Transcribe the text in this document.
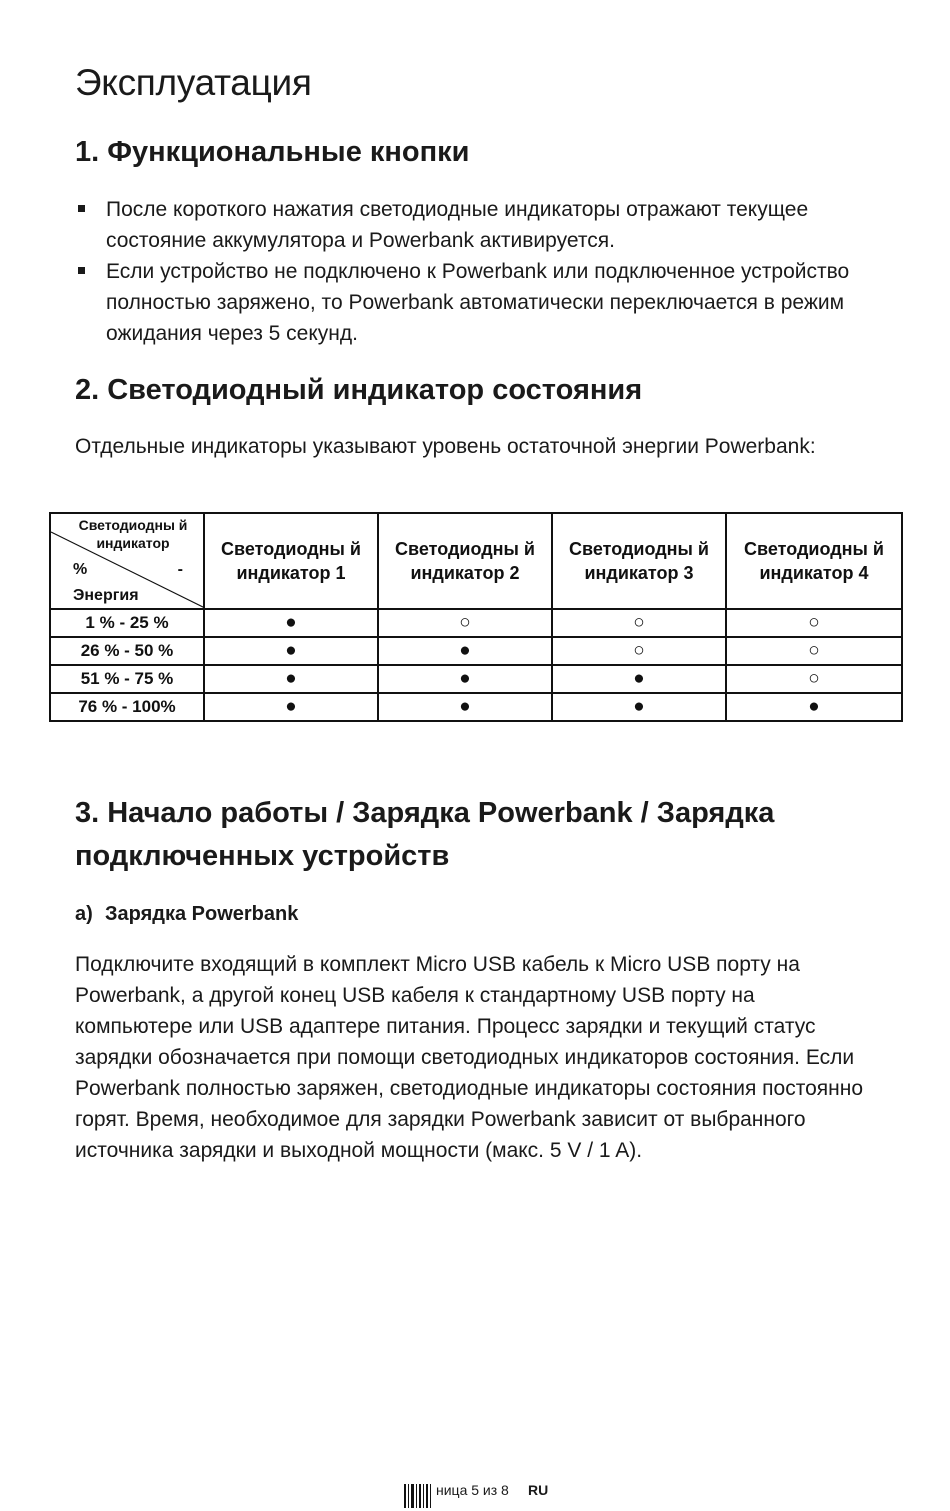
Эксплуатация
1. Функциональные кнопки
После короткого нажатия светодиодные индикаторы отражают текущее состояние аккумулятора и Powerbank активируется.
Если устройство не подключено к Powerbank или подключенное устройство полностью заряжено, то Powerbank автоматически переключается в режим ожидания через 5 секунд.
2. Светодиодный индикатор состояния

Отдельные индикаторы указывают уровень остаточной энергии Powerbank:

Светодиодны й индикатор
% -
Энергия	Светодиодны й индикатор 1	Светодиодны й индикатор 2	Светодиодны й индикатор 3	Светодиодны й индикатор 4
1 % - 25 %	●	○	○	○
26 % - 50 %	●	●	○	○
51 % - 75 %	●	●	●	○
76 % - 100%	●	●	●	●
3. Начало работы / Зарядка Powerbank / Зарядка подключенных устройств

a) Зарядка Powerbank

Подключите входящий в комплект Micro USB кабель к Micro USB порту на Powerbank, а другой конец USB кабеля к стандартному USB порту на компьютере или USB адаптере питания. Процесс зарядки и текущий статус зарядки обозначается при помощи светодиодных индикаторов состояния. Если Powerbank полностью заряжен, светодиодные индикаторы состояния постоянно горят. Время, необходимое для зарядки Powerbank зависит от выбранного источника зарядки и выходной мощности (макс. 5 V / 1 A).

ница 5 из 8 RU
